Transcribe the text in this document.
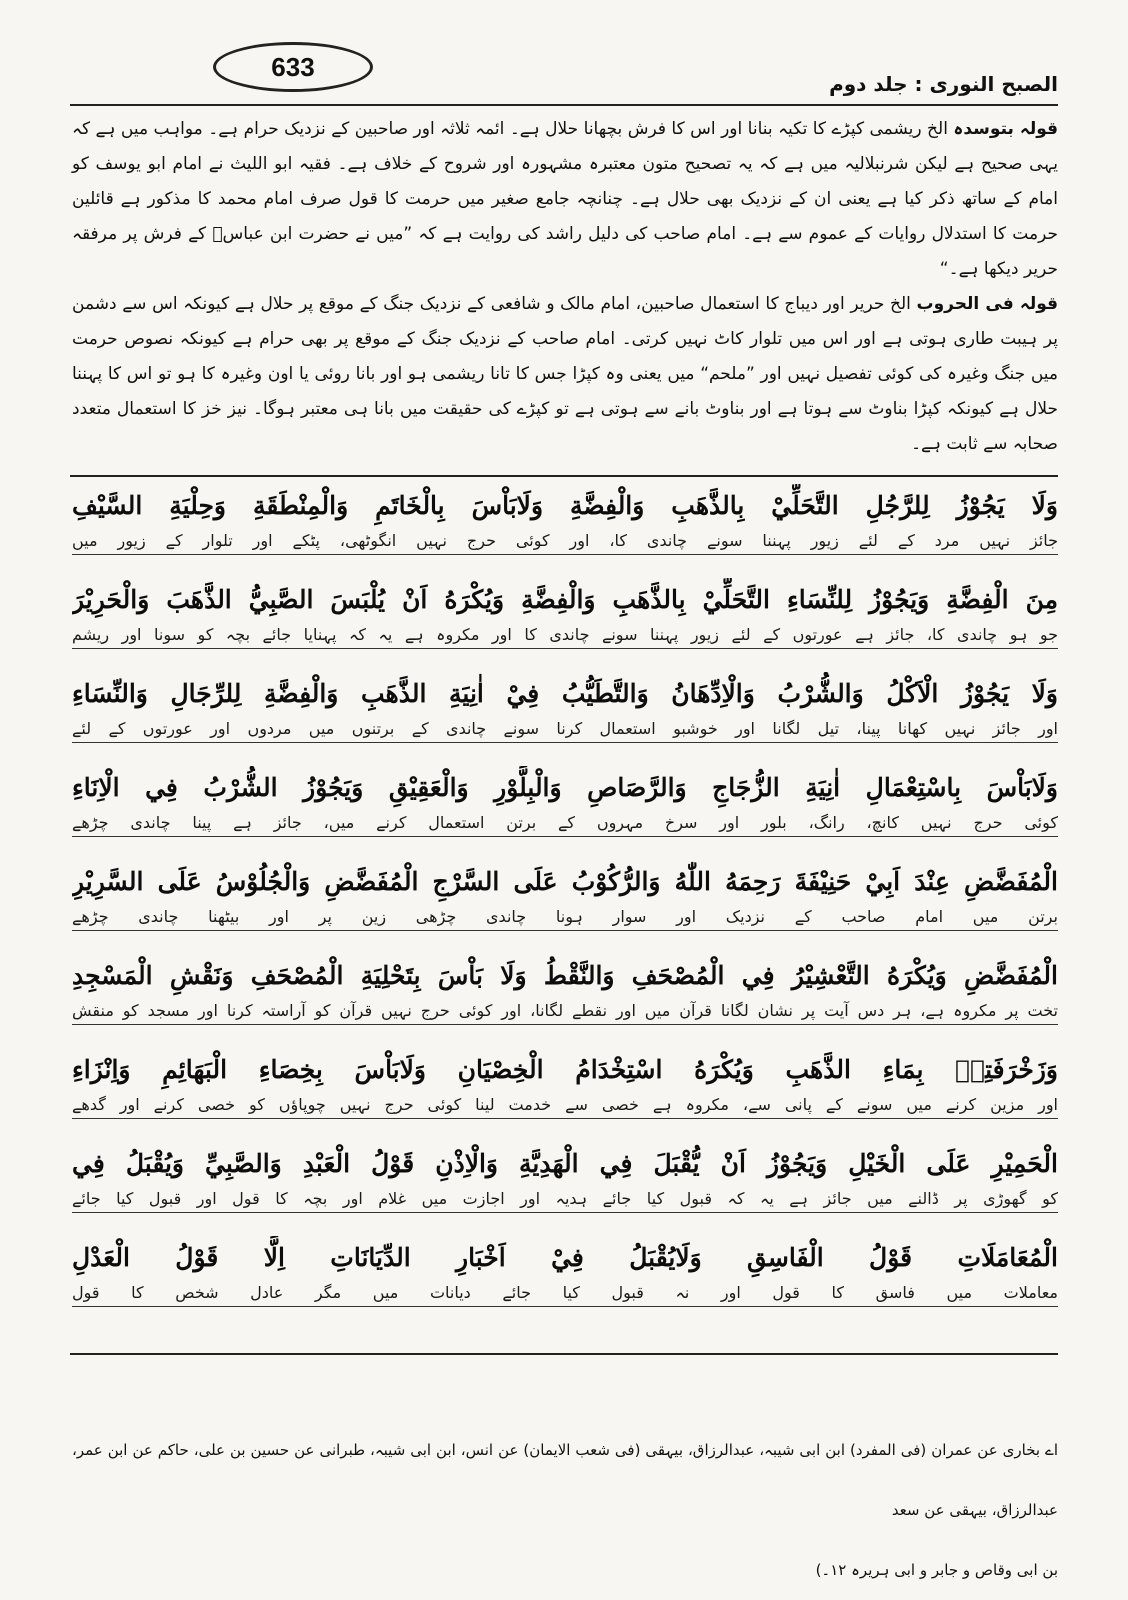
633
الصبح النوری : جلد دوم

قولہ بتوسدہ الخ ریشمی کپڑے کا تکیہ بنانا اور اس کا فرش بچھانا حلال ہے۔ ائمہ ثلاثہ اور صاحبین کے نزدیک حرام ہے۔ مواہب میں ہے کہ یہی صحیح ہے لیکن شرنبلالیہ میں ہے کہ یہ تصحیح متون معتبرہ مشہورہ اور شروح کے خلاف ہے۔ فقیہ ابو اللیث نے امام ابو یوسف کو امام کے ساتھ ذکر کیا ہے یعنی ان کے نزدیک بھی حلال ہے۔ چنانچہ جامع صغیر میں حرمت کا قول صرف امام محمد کا مذکور ہے قائلین حرمت کا استدلال روایات کے عموم سے ہے۔ امام صاحب کی دلیل راشد کی روایت ہے کہ ”میں نے حضرت ابن عباسؓ کے فرش پر مرفقہ حریر دیکھا ہے۔“

قولہ فی الحروب الخ حریر اور دیباج کا استعمال صاحبین، امام مالک و شافعی کے نزدیک جنگ کے موقع پر حلال ہے کیونکہ اس سے دشمن پر ہیبت طاری ہوتی ہے اور اس میں تلوار کاٹ نہیں کرتی۔ امام صاحب کے نزدیک جنگ کے موقع پر بھی حرام ہے کیونکہ نصوص حرمت میں جنگ وغیرہ کی کوئی تفصیل نہیں اور ”ملحم“ میں یعنی وہ کپڑا جس کا تانا ریشمی ہو اور بانا روئی یا اون وغیرہ کا ہو تو اس کا پہننا حلال ہے کیونکہ کپڑا بناوٹ سے ہوتا ہے اور بناوٹ بانے سے ہوتی ہے تو کپڑے کی حقیقت میں بانا ہی معتبر ہوگا۔ نیز خز کا استعمال متعدد صحابہ سے ثابت ہے۔

وَلَا يَجُوْزُ لِلرَّجُلِ التَّحَلِّيْ بِالذَّهَبِ وَالْفِضَّةِ وَلَابَاْسَ بِالْخَاتَمِ وَالْمِنْطَقَةِ وَحِلْيَةِ السَّيْفِ
جائز نہیں مرد کے لئے زیور پہننا سونے چاندی کا، اور کوئی حرج نہیں انگوٹھی، پٹکے اور تلوار کے زیور میں
مِنَ الْفِضَّةِ وَيَجُوْزُ لِلنِّسَاءِ التَّحَلِّيْ بِالذَّهَبِ وَالْفِضَّةِ وَيُكْرَهُ اَنْ يُلْبَسَ الصَّبِيُّ الذَّهَبَ وَالْحَرِيْرَ
جو ہو چاندی کا، جائز ہے عورتوں کے لئے زیور پہننا سونے چاندی کا اور مکروہ ہے یہ کہ پہنایا جائے بچہ کو سونا اور ریشم
وَلَا يَجُوْزُ الْاَكْلُ وَالشُّرْبُ وَالْاِدِّهَانُ وَالتَّطَيُّبُ فِيْ اٰنِيَةِ الذَّهَبِ وَالْفِضَّةِ لِلرِّجَالِ وَالنِّسَاءِ
اور جائز نہیں کھانا پینا، تیل لگانا اور خوشبو استعمال کرنا سونے چاندی کے برتنوں میں مردوں اور عورتوں کے لئے
وَلَابَاْسَ بِاسْتِعْمَالِ اٰنِيَةِ الزُّجَاجِ وَالرَّصَاصِ وَالْبِلَّوْرِ وَالْعَقِيْقِ وَيَجُوْزُ الشُّرْبُ فِي الْاِنَاءِ
کوئی حرج نہیں کانچ، رانگ، بلور اور سرخ مہروں کے برتن استعمال کرنے میں، جائز ہے پینا چاندی چڑھے
الْمُفَضَّضِ عِنْدَ اَبِيْ حَنِيْفَةَ رَحِمَهُ اللّٰهُ وَالرُّكُوْبُ عَلَى السَّرْجِ الْمُفَضَّضِ وَالْجُلُوْسُ عَلَى السَّرِيْرِ
برتن میں امام صاحب کے نزدیک اور سوار ہونا چاندی چڑھی زین پر اور بیٹھنا چاندی چڑھے
الْمُفَضَّضِ وَيُكْرَهُ التَّعْشِيْرُ فِي الْمُصْحَفِ وَالنَّقْطُ وَلَا بَاْسَ بِتَحْلِيَةِ الْمُصْحَفِ وَنَقْشِ الْمَسْجِدِ
تخت پر مکروہ ہے، ہر دس آیت پر نشان لگانا قرآن میں اور نقطے لگانا، اور کوئی حرج نہیں قرآن کو آراستہ کرنا اور مسجد کو منقش
وَزَخْرَفَتِهٖ بِمَاءِ الذَّهَبِ وَيُكْرَهُ اسْتِخْدَامُ الْخِصْيَانِ وَلَابَاْسَ بِخِصَاءِ الْبَهَائِمِ وَاِنْزَاءِ
اور مزین کرنے میں سونے کے پانی سے، مکروہ ہے خصی سے خدمت لینا کوئی حرج نہیں چوپاؤں کو خصی کرنے اور گدھے
الْحَمِيْرِ عَلَى الْخَيْلِ وَيَجُوْزُ اَنْ يُّقْبَلَ فِي الْهَدِيَّةِ وَالْاِذْنِ قَوْلُ الْعَبْدِ وَالصَّبِيِّ وَيُقْبَلُ فِي
کو گھوڑی پر ڈالنے میں جائز ہے یہ کہ قبول کیا جائے ہدیہ اور اجازت میں غلام اور بچہ کا قول اور قبول کیا جائے
الْمُعَامَلَاتِ قَوْلُ الْفَاسِقِ وَلَايُقْبَلُ فِيْ اَخْبَارِ الدِّيَانَاتِ اِلَّا قَوْلُ الْعَدْلِ
معاملات میں فاسق کا قول اور نہ قبول کیا جائے دیانات میں مگر عادل شخص کا قول
اے بخاری عن عمران (فی المفرد) ابن ابی شیبہ، عبدالرزاق، بیہقی (فی شعب الایمان) عن انس، ابن ابی شیبہ، طبرانی عن حسین بن علی، حاکم عن ابن عمر، عبدالرزاق، بیہقی عن سعد
بن ابی وقاص و جابر و ابی ہریرہ ۱۲۔)
